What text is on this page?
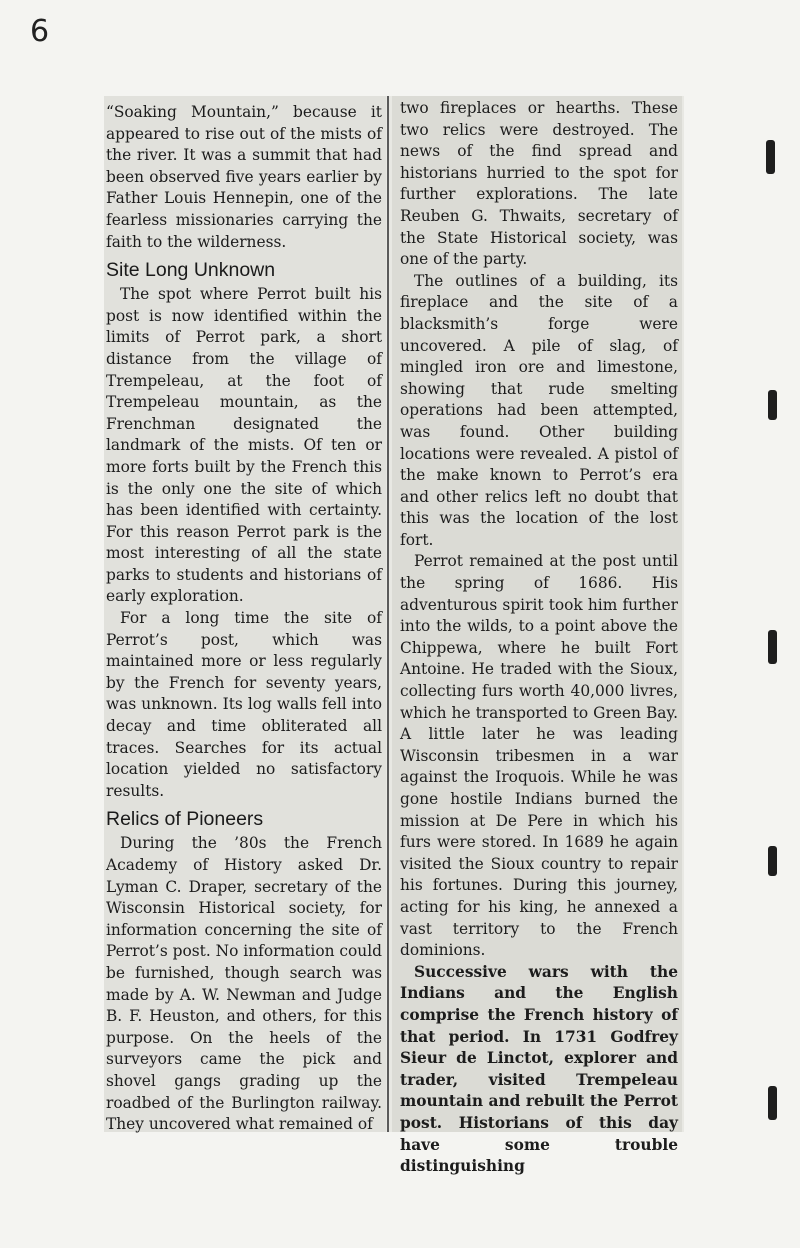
6

“Soaking Mountain,” because it appeared to rise out of the mists of the river. It was a summit that had been observed five years earlier by Father Louis Hennepin, one of the fearless missionaries carrying the faith to the wilderness.

Site Long Unknown

The spot where Perrot built his post is now identified within the limits of Perrot park, a short distance from the village of Trempeleau, at the foot of Trempeleau mountain, as the Frenchman designated the landmark of the mists. Of ten or more forts built by the French this is the only one the site of which has been identified with certainty. For this reason Perrot park is the most interesting of all the state parks to students and historians of early exploration.

For a long time the site of Perrot’s post, which was maintained more or less regularly by the French for seventy years, was unknown. Its log walls fell into decay and time obliterated all traces. Searches for its actual location yielded no satisfactory results.

Relics of Pioneers

During the ’80s the French Academy of History asked Dr. Lyman C. Draper, secretary of the Wisconsin Historical society, for information concerning the site of Perrot’s post. No information could be furnished, though search was made by A. W. Newman and Judge B. F. Heuston, and others, for this purpose. On the heels of the surveyors came the pick and shovel gangs grading up the roadbed of the Burlington railway. They uncovered what remained of

two fireplaces or hearths. These two relics were destroyed. The news of the find spread and historians hurried to the spot for further explorations. The late Reuben G. Thwaits, secretary of the State Historical society, was one of the party.

The outlines of a building, its fireplace and the site of a blacksmith’s forge were uncovered. A pile of slag, of mingled iron ore and limestone, showing that rude smelting operations had been attempted, was found. Other building locations were revealed. A pistol of the make known to Perrot’s era and other relics left no doubt that this was the location of the lost fort.

Perrot remained at the post until the spring of 1686. His adventurous spirit took him further into the wilds, to a point above the Chippewa, where he built Fort Antoine. He traded with the Sioux, collecting furs worth 40,000 livres, which he transported to Green Bay. A little later he was leading Wisconsin tribesmen in a war against the Iroquois. While he was gone hostile Indians burned the mission at De Pere in which his furs were stored. In 1689 he again visited the Sioux country to repair his fortunes. During this journey, acting for his king, he annexed a vast territory to the French dominions.

Successive wars with the Indians and the English comprise the French history of that period. In 1731 Godfrey Sieur de Linctot, explorer and trader, visited Trempeleau mountain and rebuilt the Perrot post. Historians of this day have some trouble distinguishing
